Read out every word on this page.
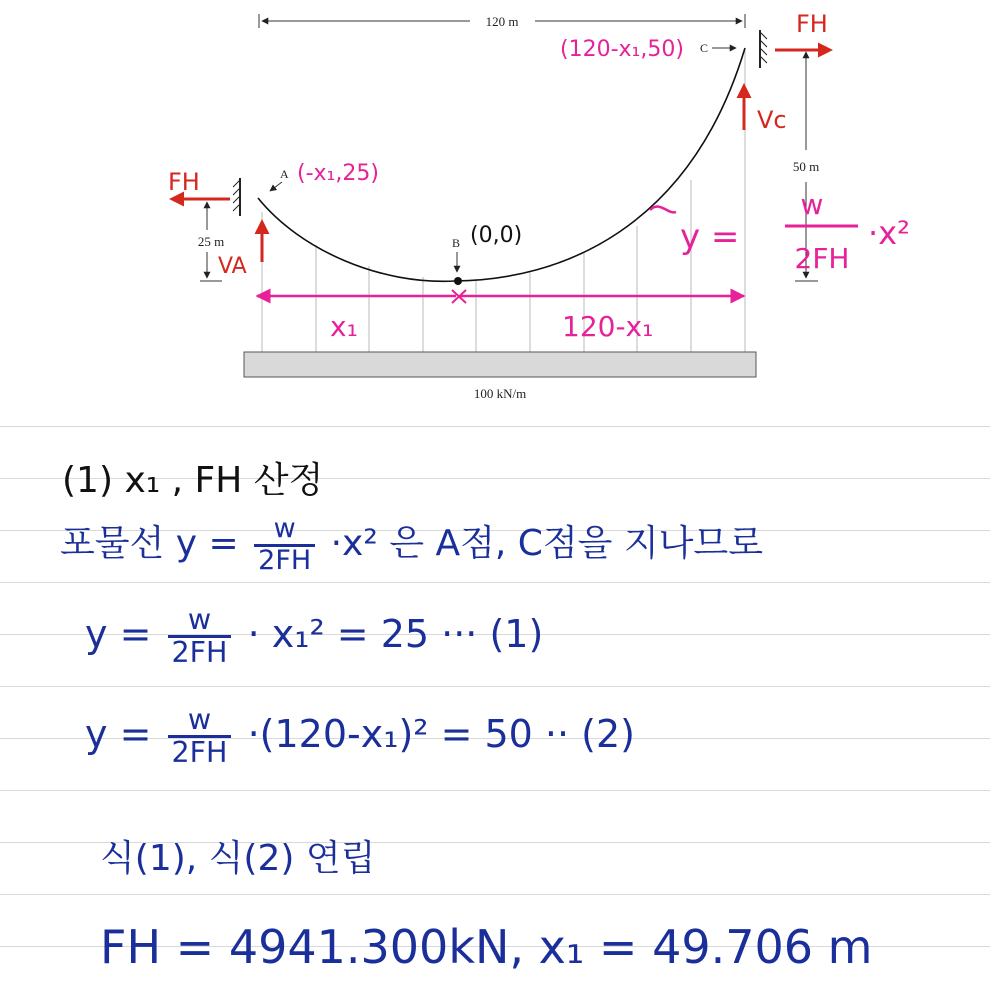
120 m
100 kN/m
25 m
50 m
A
B
C
FH
VA
FH
Vc
(-x₁,25)
(0,0)
(120-x₁,50)
x₁	120-x₁
y =
w
2FH
·x²
(1) x₁ , FH 산정
포물선 $y = \frac{w}{2FH} \cdot x^2$ 은 A점, C점을 지나므로
$y = \frac{w}{2FH} \cdot x_1^2 = 25$ ··· (1)
$y = \frac{w}{2FH} \cdot(120-x_1)^2 = 50 \cdot\cdot (2)$
식(1), 식(2) 연립
FH = 4941.300kN, x₁ = 49.706 m
